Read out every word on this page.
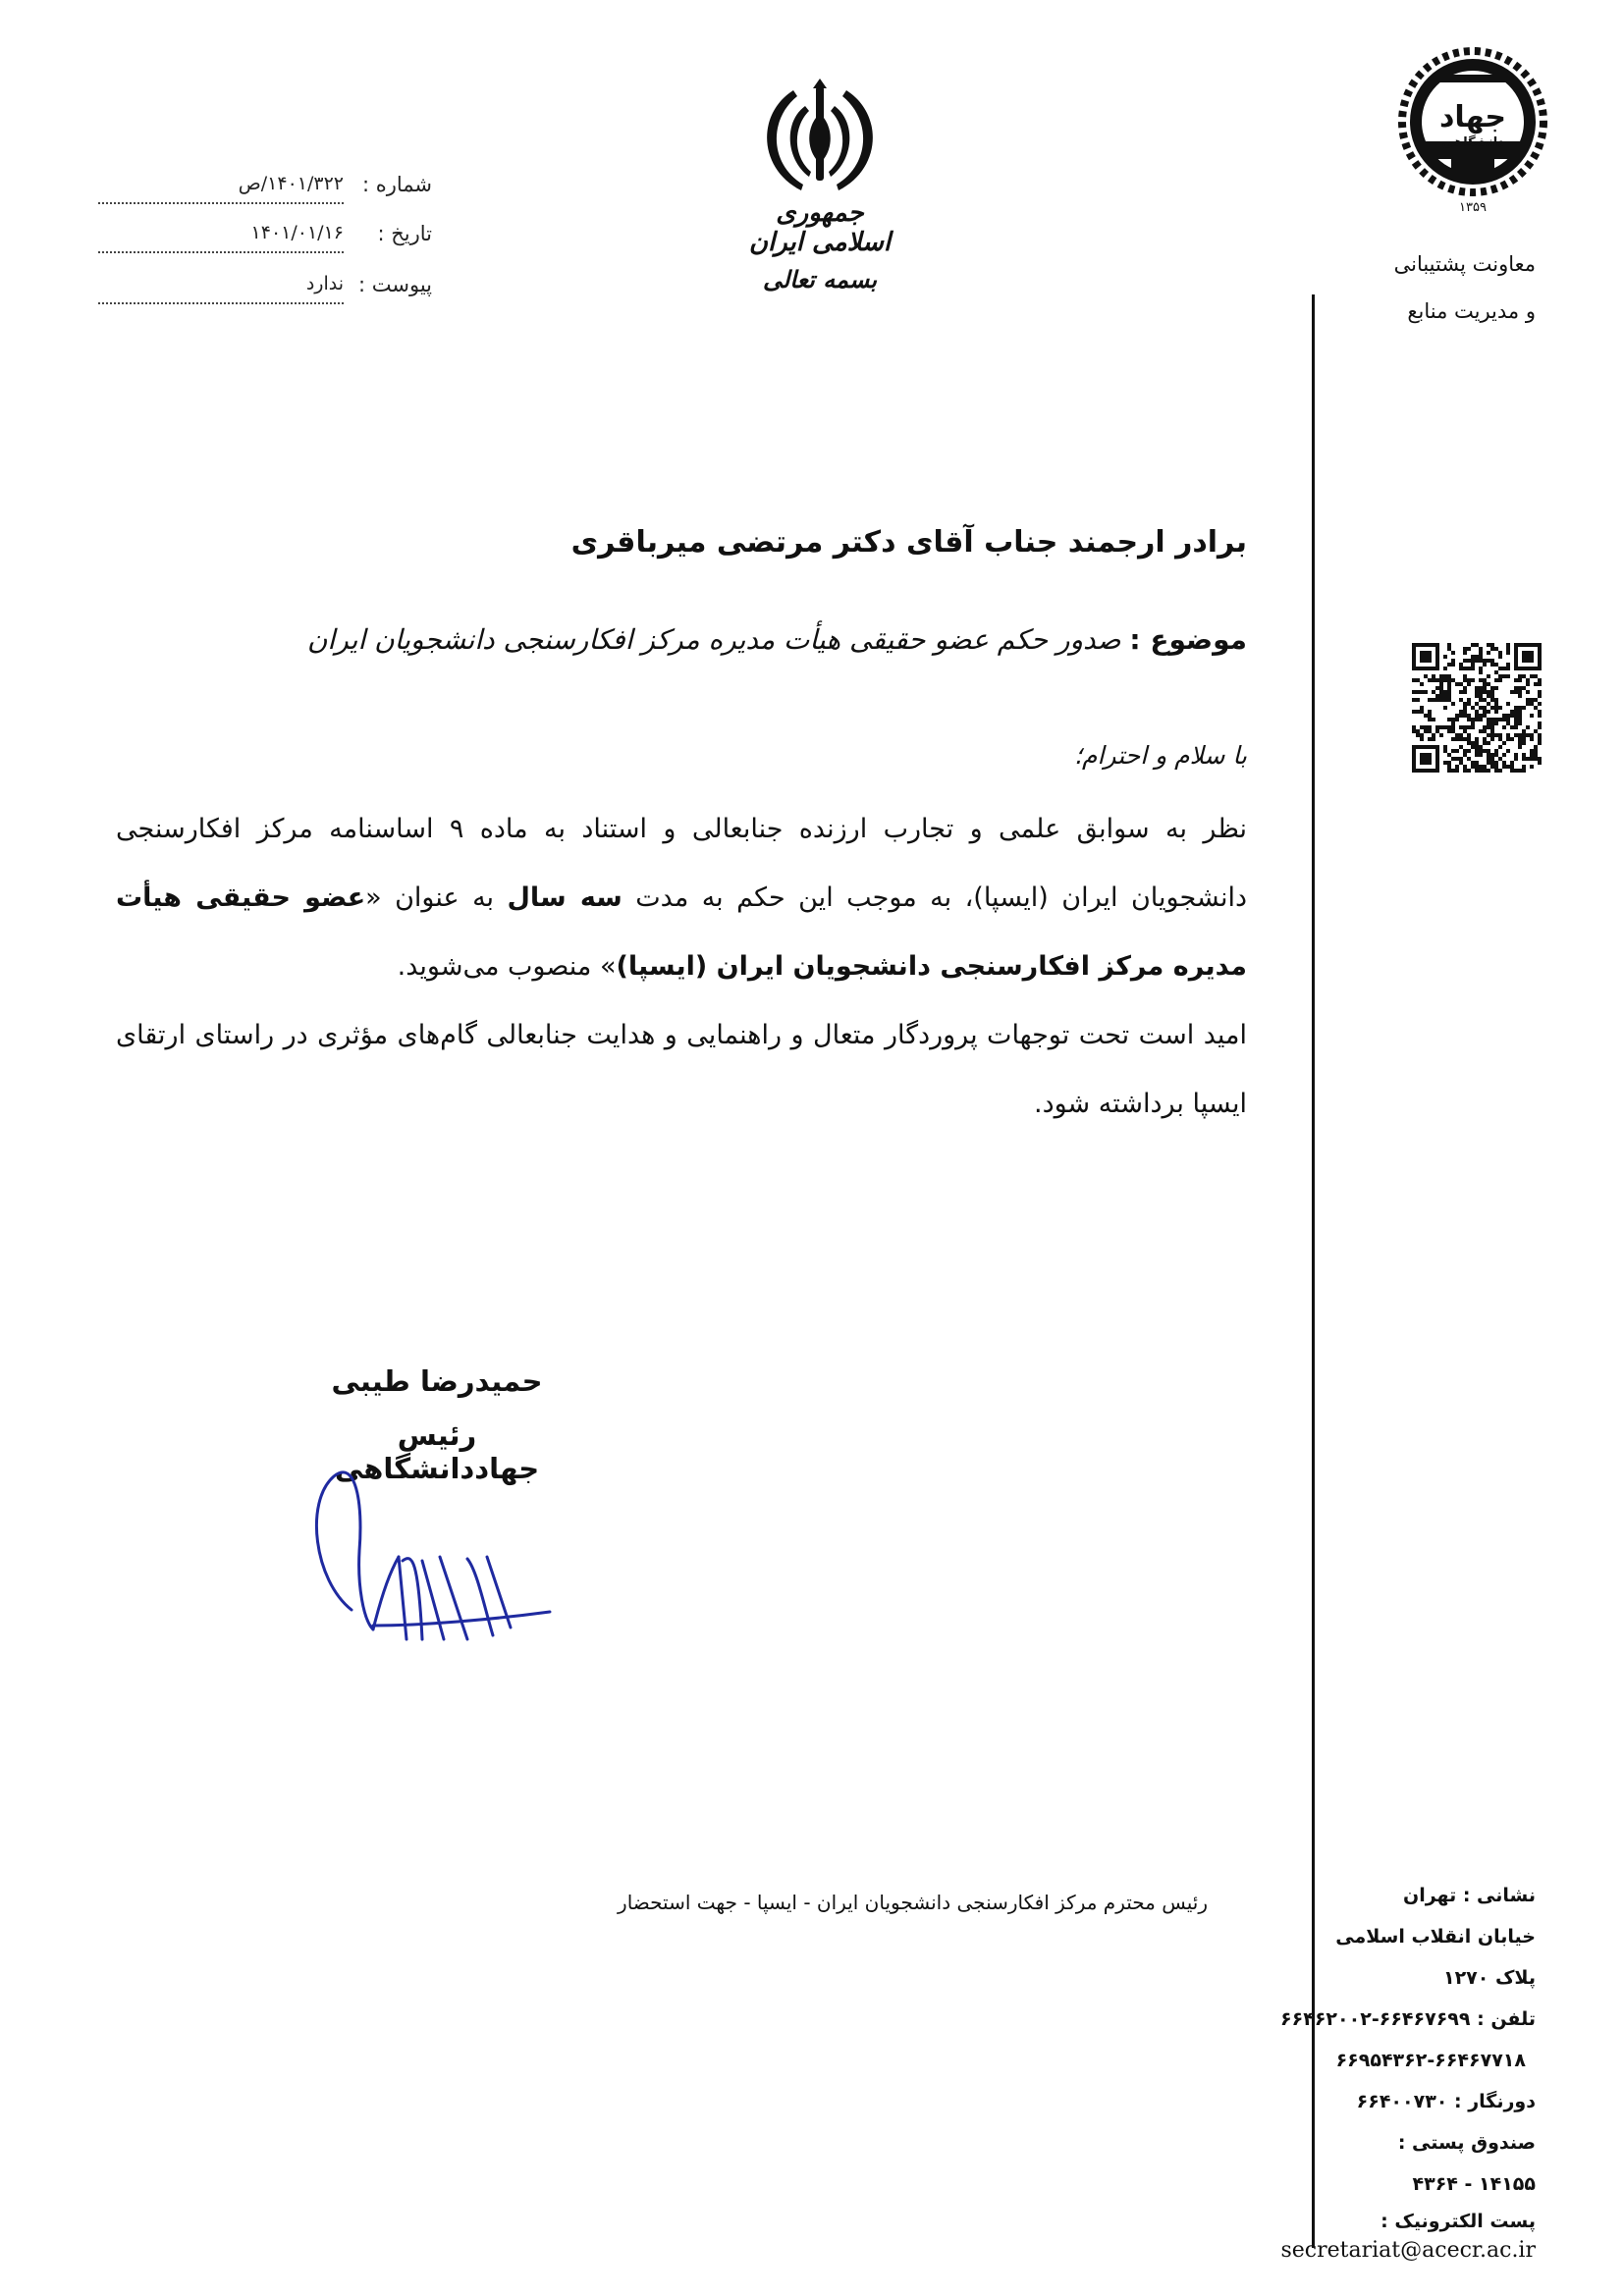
شماره :
۱۴۰۱/۳۲۲/ص
تاریخ :
۱۴۰۱/۰۱/۱۶
پیوست :
ندارد
جمهوری اسلامی ایران
بسمه تعالی
جهاد
دانشگاهی
۱۳۵۹
معاونت پشتیبانی
و مدیریت منابع
برادر ارجمند جناب آقای دکتر مرتضی میرباقری
موضوع : صدور حکم عضو حقیقی هیأت مدیره مرکز افکارسنجی دانشجویان ایران
با سلام و احترام؛
نظر به سوابق علمی و تجارب ارزنده جنابعالی و استناد به ماده ۹ اساسنامه مرکز افکارسنجی دانشجویان ایران (ایسپا)، به موجب این حکم به مدت سه سال به عنوان «عضو حقیقی هیأت مدیره مرکز افکارسنجی دانشجویان ایران (ایسپا)» منصوب می‌شوید.
امید است تحت توجهات پروردگار متعال و راهنمایی و هدایت جنابعالی گام‌های مؤثری در راستای ارتقای ایسپا برداشته شود.
حمیدرضا طیبی
رئیس جهاددانشگاهی
رئیس محترم مرکز افکارسنجی دانشجویان ایران - ایسپا - جهت استحضار	نشانی : تهران
خیابان انقلاب اسلامی
پلاک ۱۲۷۰
تلفن : ۶۶۴۶۷۶۹۹-۶۶۴۶۲۰۰۲
۶۶۹۵۴۳۶۲-۶۶۴۶۷۷۱۸
دورنگار : ۶۶۴۰۰۷۳۰
صندوق پستی :
۱۴۱۵۵ - ۴۳۶۴
پست الکترونیک :
secretariat@acecr.ac.ir
